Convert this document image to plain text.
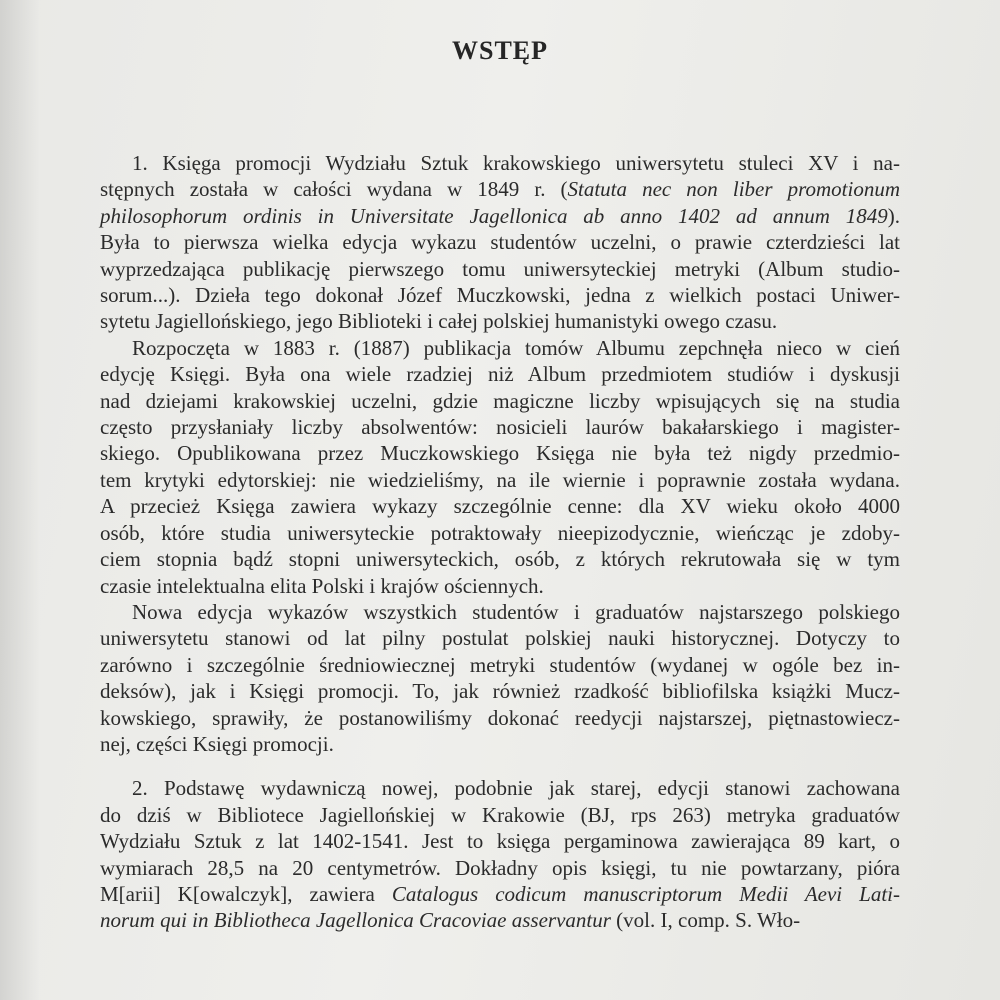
WSTĘP
1. Księga promocji Wydziału Sztuk krakowskiego uniwersytetu stuleci XV i na-
stępnych została w całości wydana w 1849 r. (Statuta nec non liber promotionum
philosophorum ordinis in Universitate Jagellonica ab anno 1402 ad annum 1849).
Była to pierwsza wielka edycja wykazu studentów uczelni, o prawie czterdzieści lat
wyprzedzająca publikację pierwszego tomu uniwersyteckiej metryki (Album studio-
sorum...). Dzieła tego dokonał Józef Muczkowski, jedna z wielkich postaci Uniwer-
sytetu Jagiellońskiego, jego Biblioteki i całej polskiej humanistyki owego czasu.
Rozpoczęta w 1883 r. (1887) publikacja tomów Albumu zepchnęła nieco w cień
edycję Księgi. Była ona wiele rzadziej niż Album przedmiotem studiów i dyskusji
nad dziejami krakowskiej uczelni, gdzie magiczne liczby wpisujących się na studia
często przysłaniały liczby absolwentów: nosicieli laurów bakałarskiego i magister-
skiego. Opublikowana przez Muczkowskiego Księga nie była też nigdy przedmio-
tem krytyki edytorskiej: nie wiedzieliśmy, na ile wiernie i poprawnie została wydana.
A przecież Księga zawiera wykazy szczególnie cenne: dla XV wieku około 4000
osób, które studia uniwersyteckie potraktowały nieepizodycznie, wieńcząc je zdoby-
ciem stopnia bądź stopni uniwersyteckich, osób, z których rekrutowała się w tym
czasie intelektualna elita Polski i krajów ościennych.
Nowa edycja wykazów wszystkich studentów i graduatów najstarszego polskiego
uniwersytetu stanowi od lat pilny postulat polskiej nauki historycznej. Dotyczy to
zarówno i szczególnie średniowiecznej metryki studentów (wydanej w ogóle bez in-
deksów), jak i Księgi promocji. To, jak również rzadkość bibliofilska książki Mucz-
kowskiego, sprawiły, że postanowiliśmy dokonać reedycji najstarszej, piętnastowiecz-
nej, części Księgi promocji.
2. Podstawę wydawniczą nowej, podobnie jak starej, edycji stanowi zachowana
do dziś w Bibliotece Jagiellońskiej w Krakowie (BJ, rps 263) metryka graduatów
Wydziału Sztuk z lat 1402-1541. Jest to księga pergaminowa zawierająca 89 kart, o
wymiarach 28,5 na 20 centymetrów. Dokładny opis księgi, tu nie powtarzany, pióra
M[arii] K[owalczyk], zawiera Catalogus codicum manuscriptorum Medii Aevi Lati-
norum qui in Bibliotheca Jagellonica Cracoviae asservantur (vol. I, comp. S. Wło-
